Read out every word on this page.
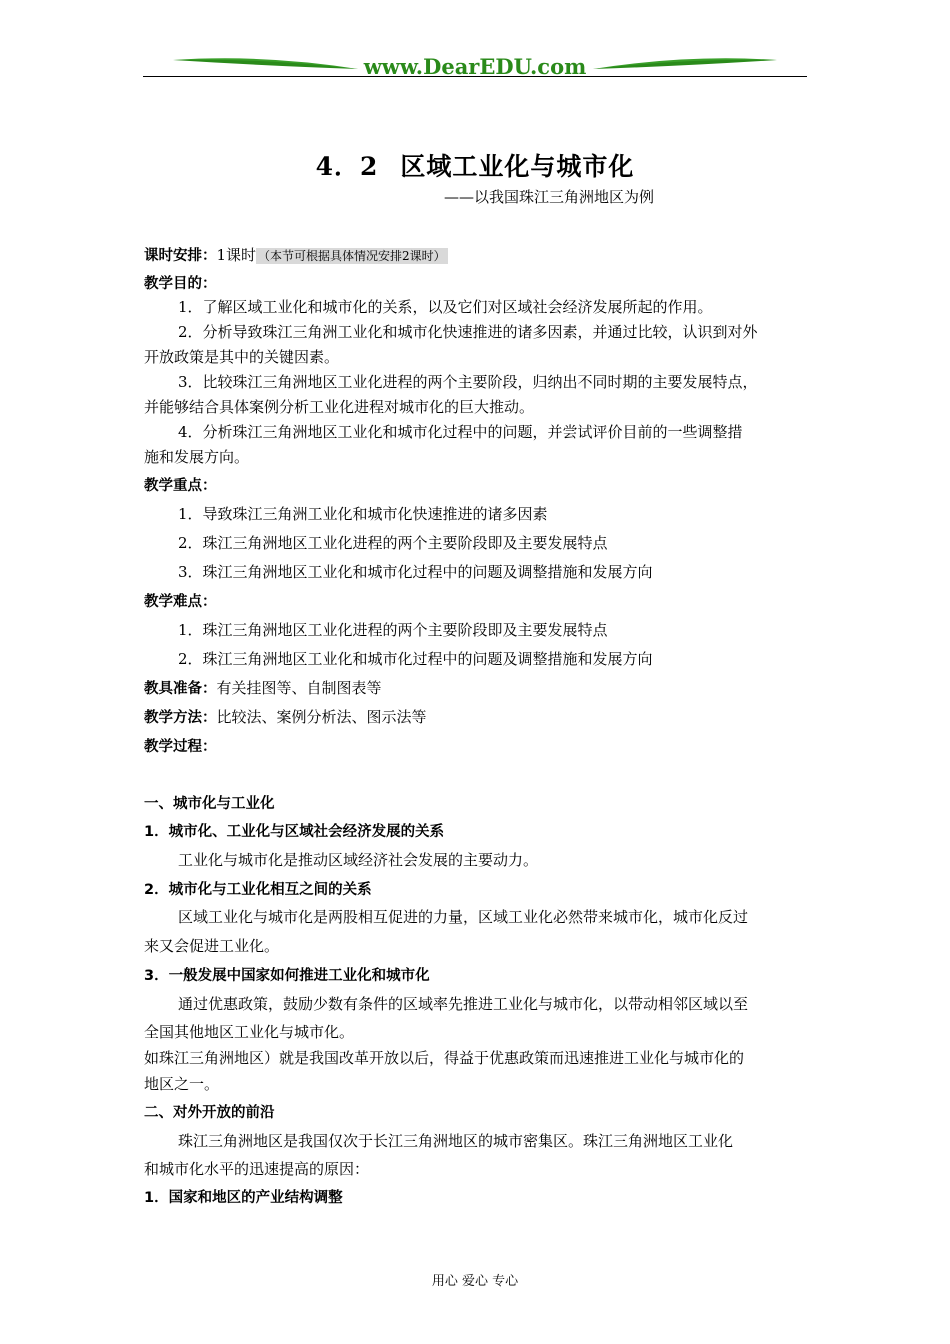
www.DearEDU.com
4．2 区域工业化与城市化
——以我国珠江三角洲地区为例
课时安排：1课时 （本节可根据具体情况安排2课时）
教学目的：
1．了解区域工业化和城市化的关系，以及它们对区域社会经济发展所起的作用。
2．分析导致珠江三角洲工业化和城市化快速推进的诸多因素，并通过比较，认识到对外
开放政策是其中的关键因素。
3．比较珠江三角洲地区工业化进程的两个主要阶段，归纳出不同时期的主要发展特点，
并能够结合具体案例分析工业化进程对城市化的巨大推动。
4．分析珠江三角洲地区工业化和城市化过程中的问题，并尝试评价目前的一些调整措
施和发展方向。
教学重点：
1．导致珠江三角洲工业化和城市化快速推进的诸多因素
2．珠江三角洲地区工业化进程的两个主要阶段即及主要发展特点
3．珠江三角洲地区工业化和城市化过程中的问题及调整措施和发展方向
教学难点：
1．珠江三角洲地区工业化进程的两个主要阶段即及主要发展特点
2．珠江三角洲地区工业化和城市化过程中的问题及调整措施和发展方向
教具准备：有关挂图等、自制图表等
教学方法：比较法、案例分析法、图示法等
教学过程：
一、城市化与工业化
1．城市化、工业化与区域社会经济发展的关系
工业化与城市化是推动区域经济社会发展的主要动力。
2．城市化与工业化相互之间的关系
区域工业化与城市化是两股相互促进的力量，区域工业化必然带来城市化，城市化反过
来又会促进工业化。
3．一般发展中国家如何推进工业化和城市化
通过优惠政策，鼓励少数有条件的区域率先推进工业化与城市化，以带动相邻区域以至
全国其他地区工业化与城市化。
如珠江三角洲地区）就是我国改革开放以后，得益于优惠政策而迅速推进工业化与城市化的
地区之一。
二、对外开放的前沿
珠江三角洲地区是我国仅次于长江三角洲地区的城市密集区。珠江三角洲地区工业化
和城市化水平的迅速提高的原因：
1．国家和地区的产业结构调整
用心 爱心 专心
